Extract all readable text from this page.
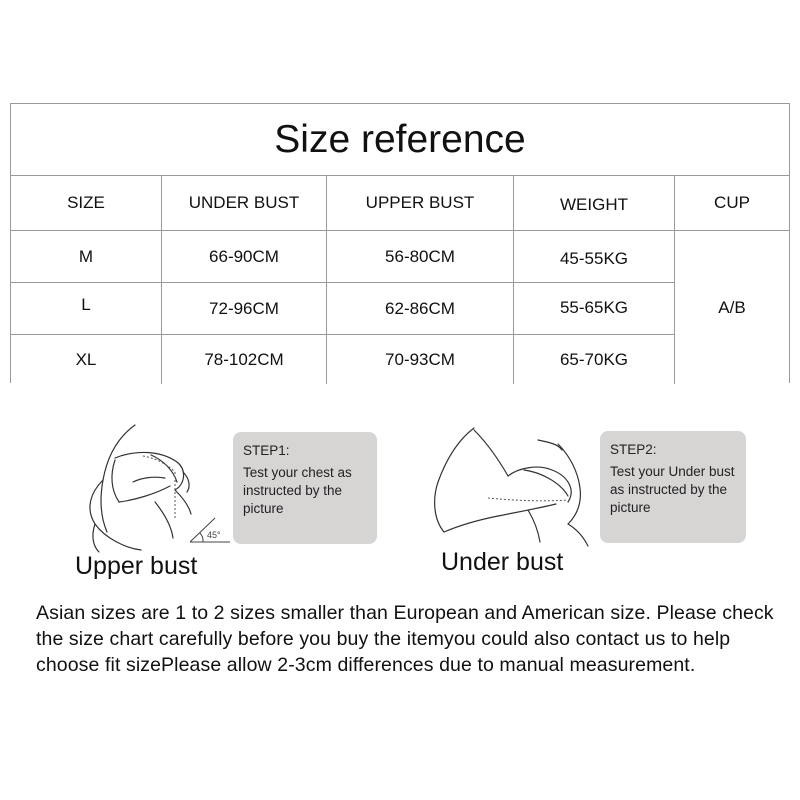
Size reference
SIZE	UNDER BUST	UPPER BUST	WEIGHT	CUP
M	66-90CM	56-80CM	45-55KG
L	72-96CM	62-86CM	55-65KG
XL	78-102CM	70-93CM	65-70KG
A/B
45°
STEP1:
Test your chest as instructed by the picture
Upper bust
STEP2:
Test your Under bust as instructed by the picture
Under bust
Asian sizes are 1 to 2 sizes smaller than European and American size. Please check the size chart carefully before you buy the itemyou could also contact us to help choose fit sizePlease allow 2-3cm differences due to manual measurement.
